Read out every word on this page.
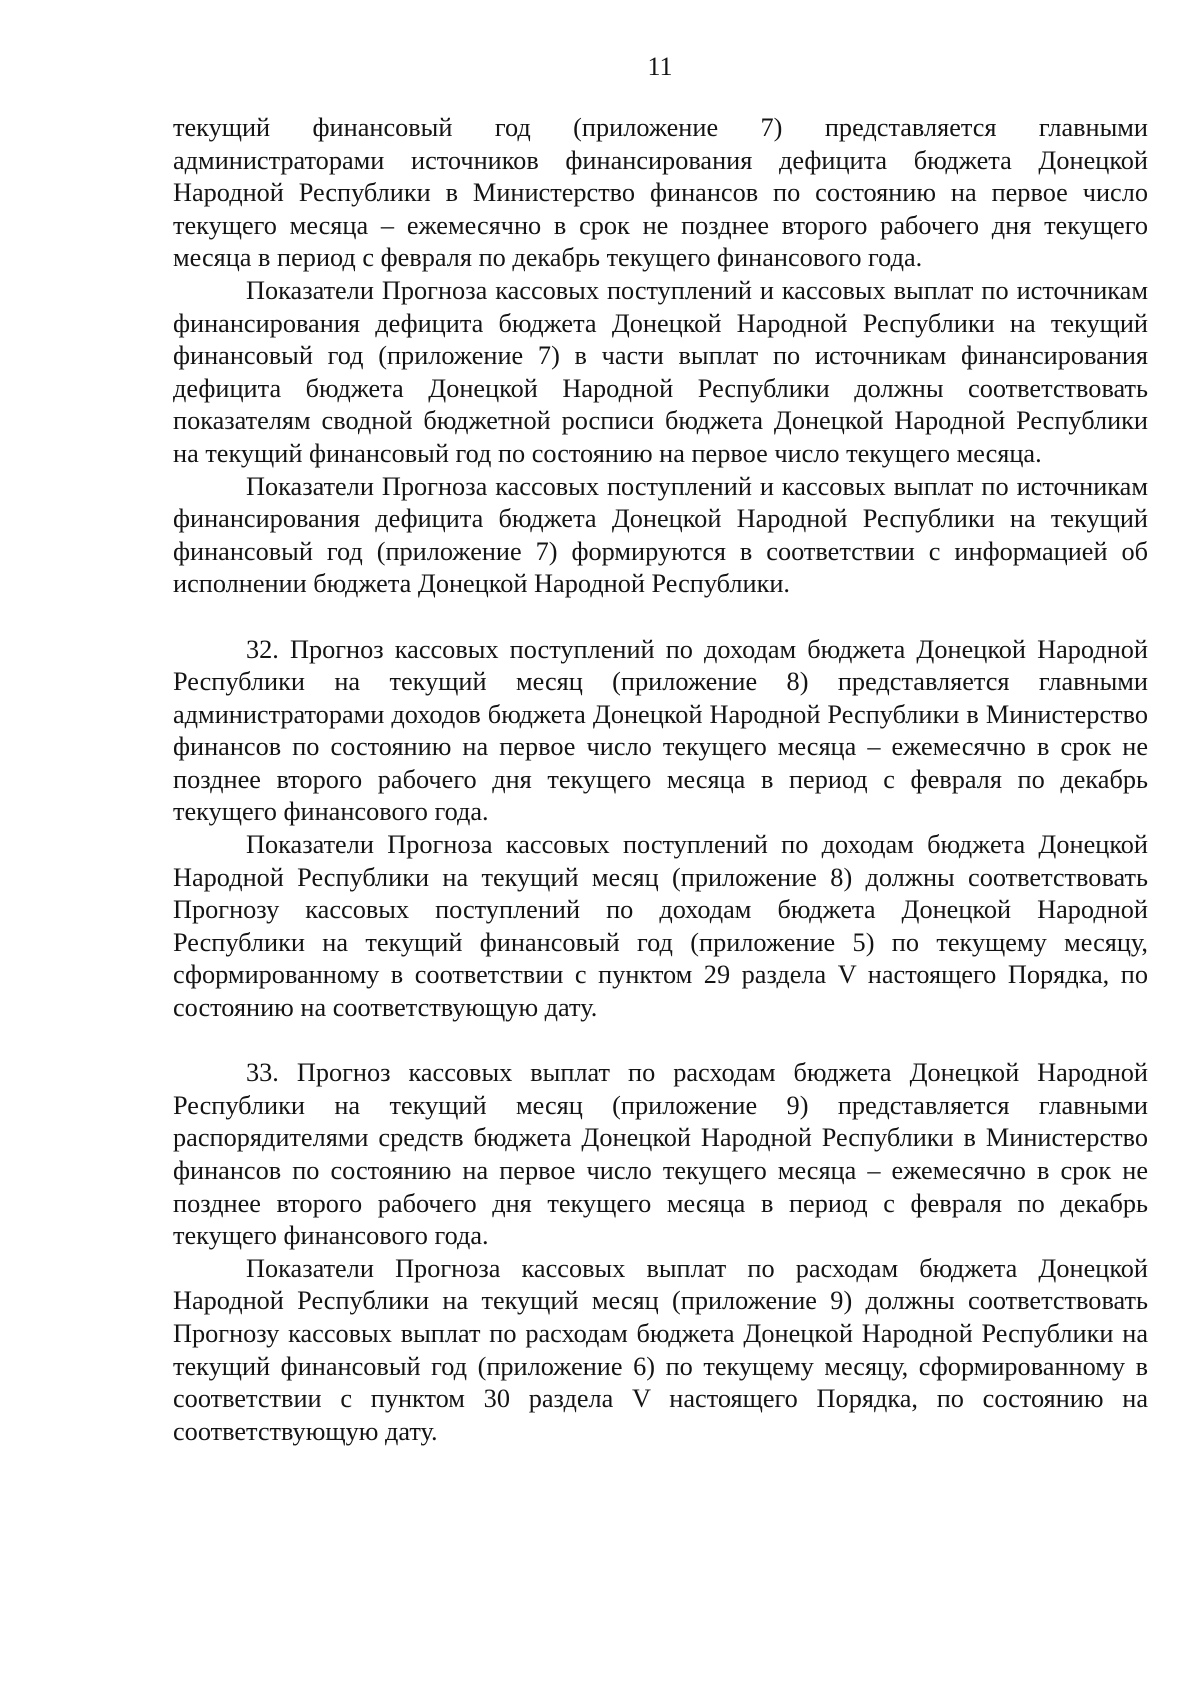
11

текущий финансовый год (приложение 7) представляется главными администраторами источников финансирования дефицита бюджета Донецкой Народной Республики в Министерство финансов по состоянию на первое число текущего месяца – ежемесячно в срок не позднее второго рабочего дня текущего месяца в период с февраля по декабрь текущего финансового года.

Показатели Прогноза кассовых поступлений и кассовых выплат по источникам финансирования дефицита бюджета Донецкой Народной Республики на текущий финансовый год (приложение 7) в части выплат по источникам финансирования дефицита бюджета Донецкой Народной Республики должны соответствовать показателям сводной бюджетной росписи бюджета Донецкой Народной Республики на текущий финансовый год по состоянию на первое число текущего месяца.

Показатели Прогноза кассовых поступлений и кассовых выплат по источникам финансирования дефицита бюджета Донецкой Народной Республики на текущий финансовый год (приложение 7) формируются в соответствии с информацией об исполнении бюджета Донецкой Народной Республики.

32. Прогноз кассовых поступлений по доходам бюджета Донецкой Народной Республики на текущий месяц (приложение 8) представляется главными администраторами доходов бюджета Донецкой Народной Республики в Министерство финансов по состоянию на первое число текущего месяца – ежемесячно в срок не позднее второго рабочего дня текущего месяца в период с февраля по декабрь текущего финансового года.

Показатели Прогноза кассовых поступлений по доходам бюджета Донецкой Народной Республики на текущий месяц (приложение 8) должны соответствовать Прогнозу кассовых поступлений по доходам бюджета Донецкой Народной Республики на текущий финансовый год (приложение 5) по текущему месяцу, сформированному в соответствии с пунктом 29 раздела V настоящего Порядка, по состоянию на соответствующую дату.

33. Прогноз кассовых выплат по расходам бюджета Донецкой Народной Республики на текущий месяц (приложение 9) представляется главными распорядителями средств бюджета Донецкой Народной Республики в Министерство финансов по состоянию на первое число текущего месяца – ежемесячно в срок не позднее второго рабочего дня текущего месяца в период с февраля по декабрь текущего финансового года.

Показатели Прогноза кассовых выплат по расходам бюджета Донецкой Народной Республики на текущий месяц (приложение 9) должны соответствовать Прогнозу кассовых выплат по расходам бюджета Донецкой Народной Республики на текущий финансовый год (приложение 6) по текущему месяцу, сформированному в соответствии с пунктом 30 раздела V настоящего Порядка, по состоянию на соответствующую дату.
